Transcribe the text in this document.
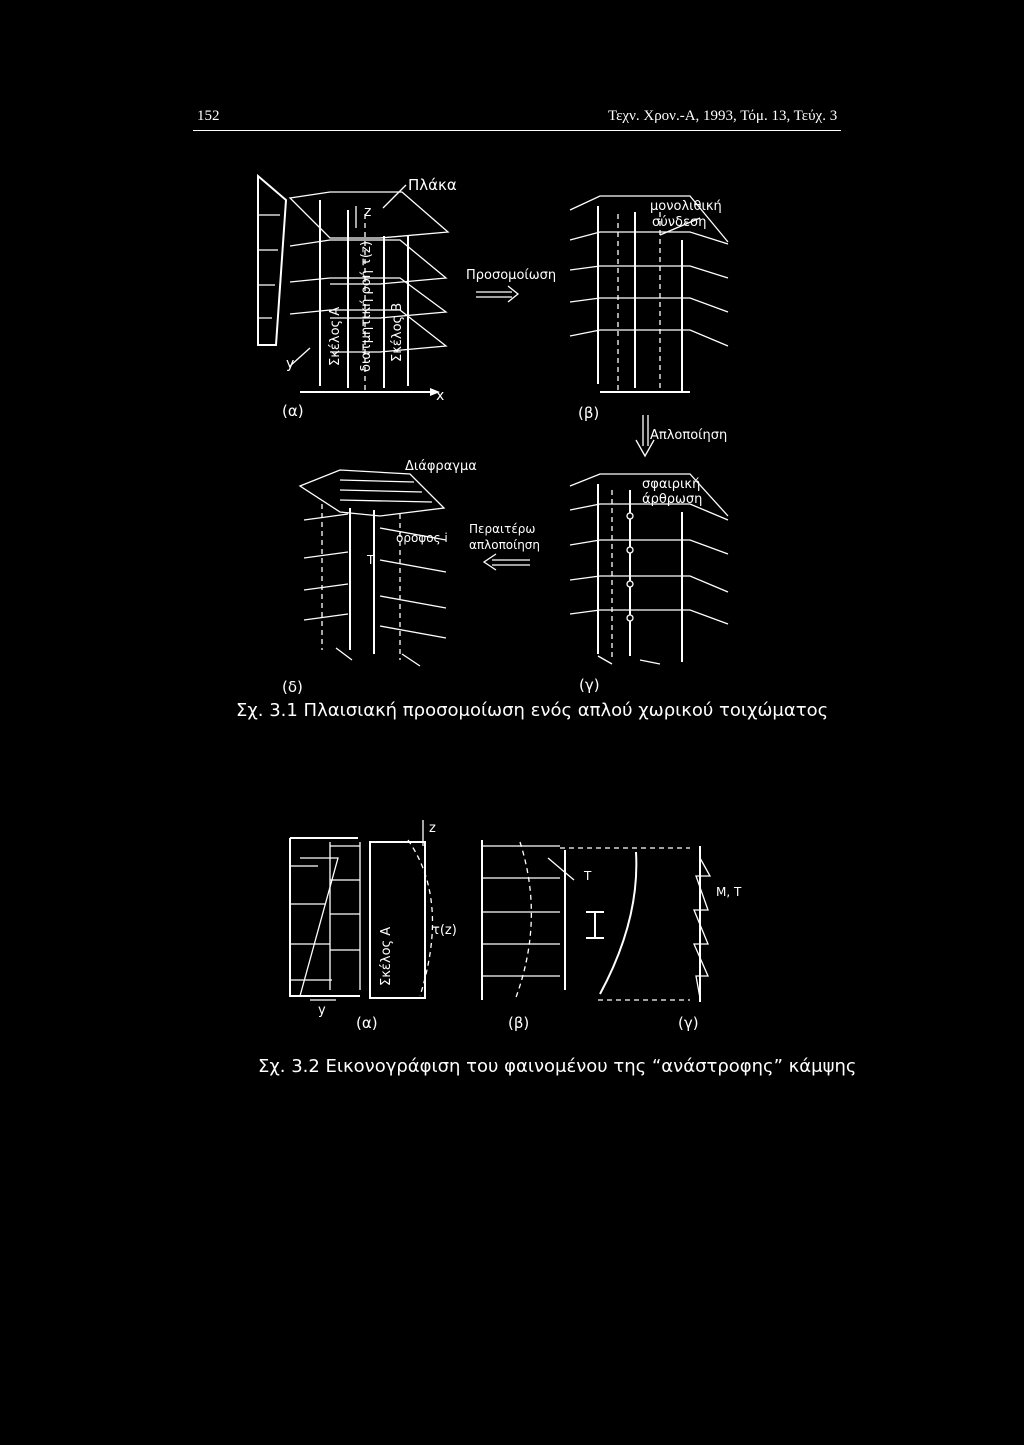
152	Τεχν. Χρον.-Α, 1993, Τόμ. 13, Τεύχ. 3
y
x
z
Πλάκα
Σκέλος Α διατμητική ροή τ(z) Σκέλος Β
Προσομοίωση
μονολιθική
σύνδεση
Απλοποίηση
Διάφραγμα
όροφος i
T
Περαιτέρω
απλοποίηση
σφαιρική
άρθρωση
(α)	(β)
(δ)	(γ)
z
y
Σκέλος Α	τ(z)
T
M, T
(α)	(β)	(γ)
Σχ. 3.1 Πλαισιακή προσομοίωση ενός απλού χωρικού τοιχώματος
Σχ. 3.2 Εικονογράφιση του φαινομένου της “ανάστροφης” κάμψης
